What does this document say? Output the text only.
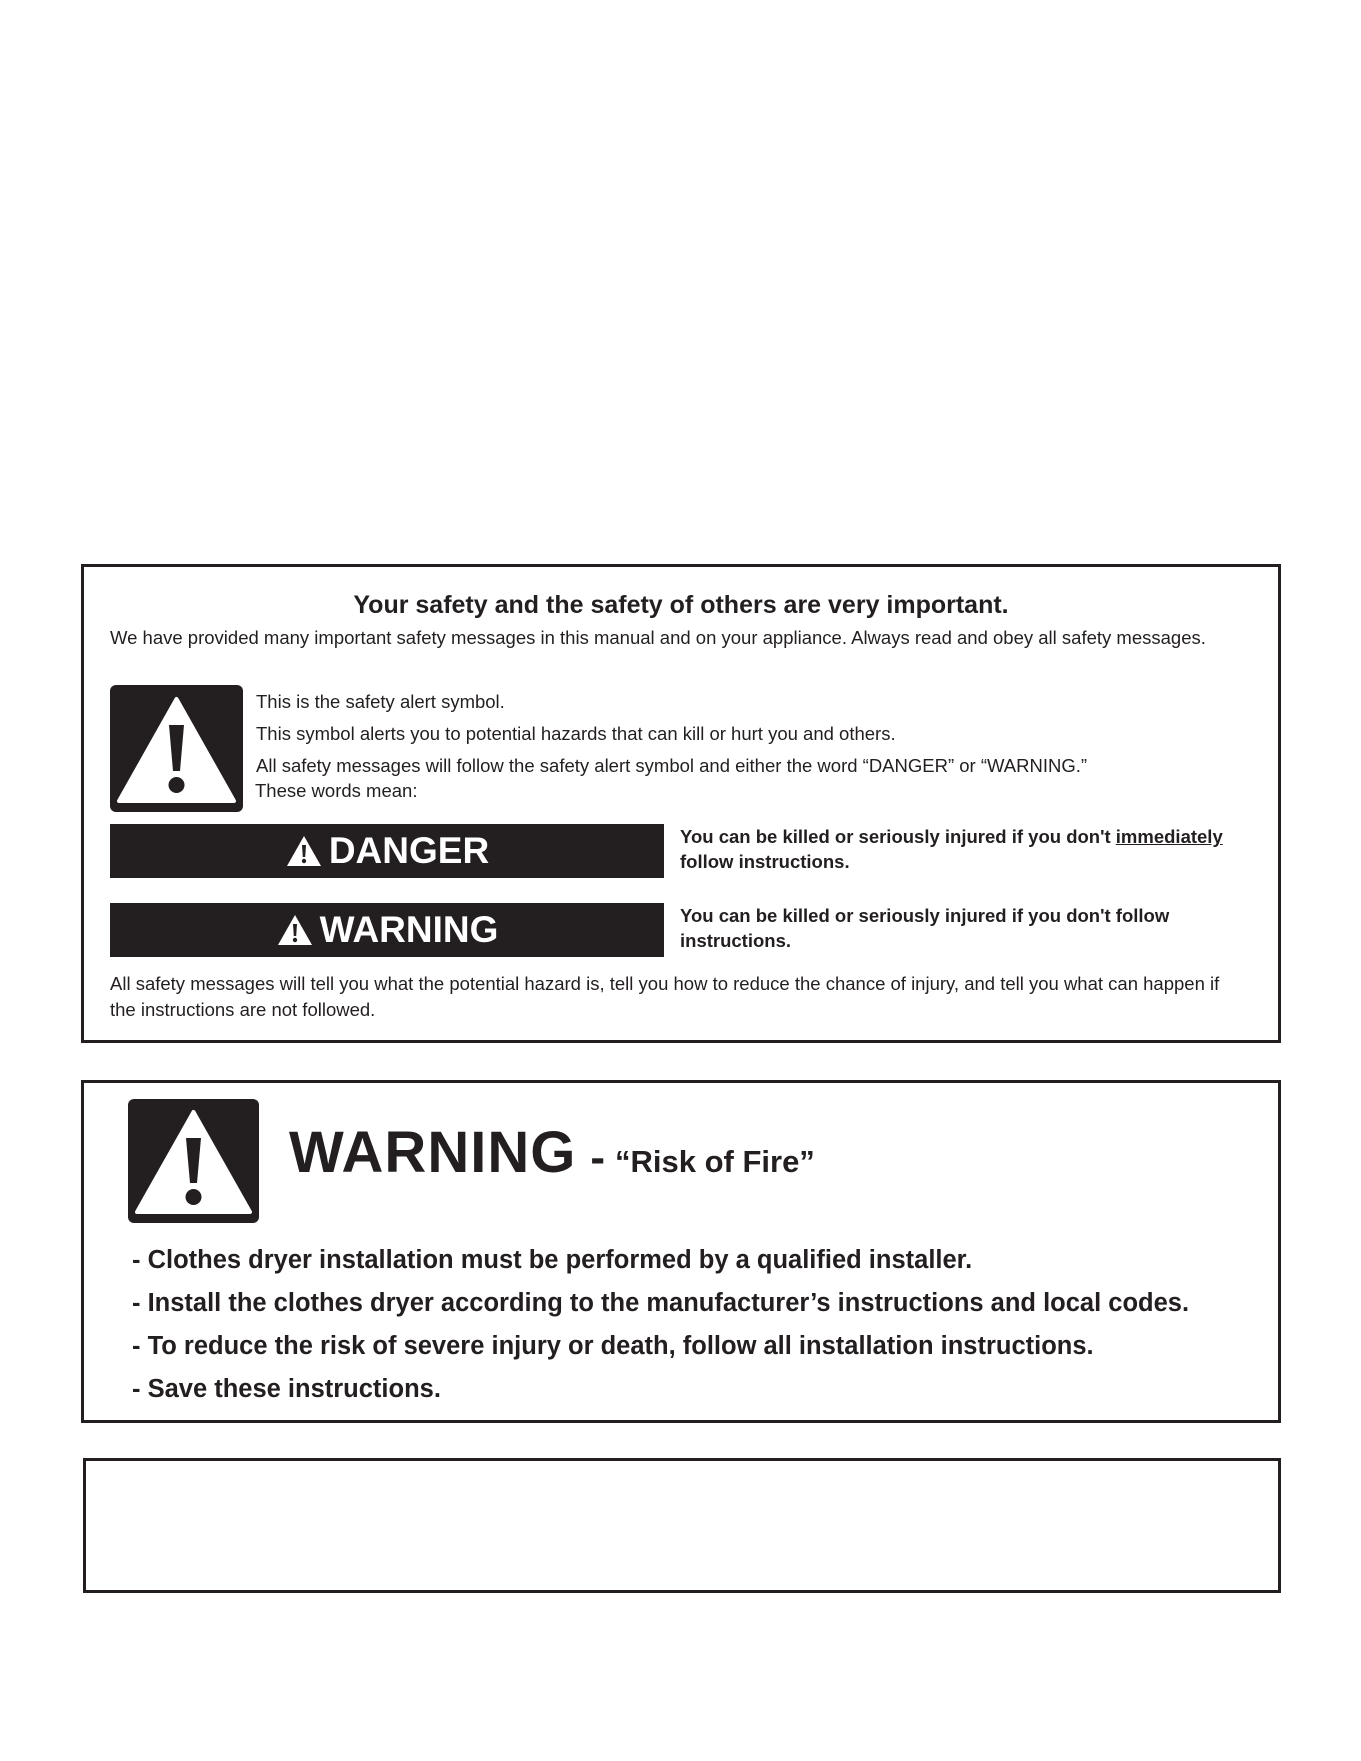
Your safety and the safety of others are very important.
We have provided many important safety messages in this manual and on your appliance. Always read and obey all safety messages.
This is the safety alert symbol.
This symbol alerts you to potential hazards that can kill or hurt you and others.
All safety messages will follow the safety alert symbol and either the word “DANGER” or “WARNING.”
These words mean:
DANGER	You can be killed or seriously injured if you don't immediately follow instructions.
WARNING	You can be killed or seriously injured if you don't follow instructions.
All safety messages will tell you what the potential hazard is, tell you how to reduce the chance of injury, and tell you what can happen if the instructions are not followed.
WARNING - “Risk of Fire”
- Clothes dryer installation must be performed by a qualified installer.
- Install the clothes dryer according to the manufacturer’s instructions and local codes.
- To reduce the risk of severe injury or death, follow all installation instructions.
- Save these instructions.
